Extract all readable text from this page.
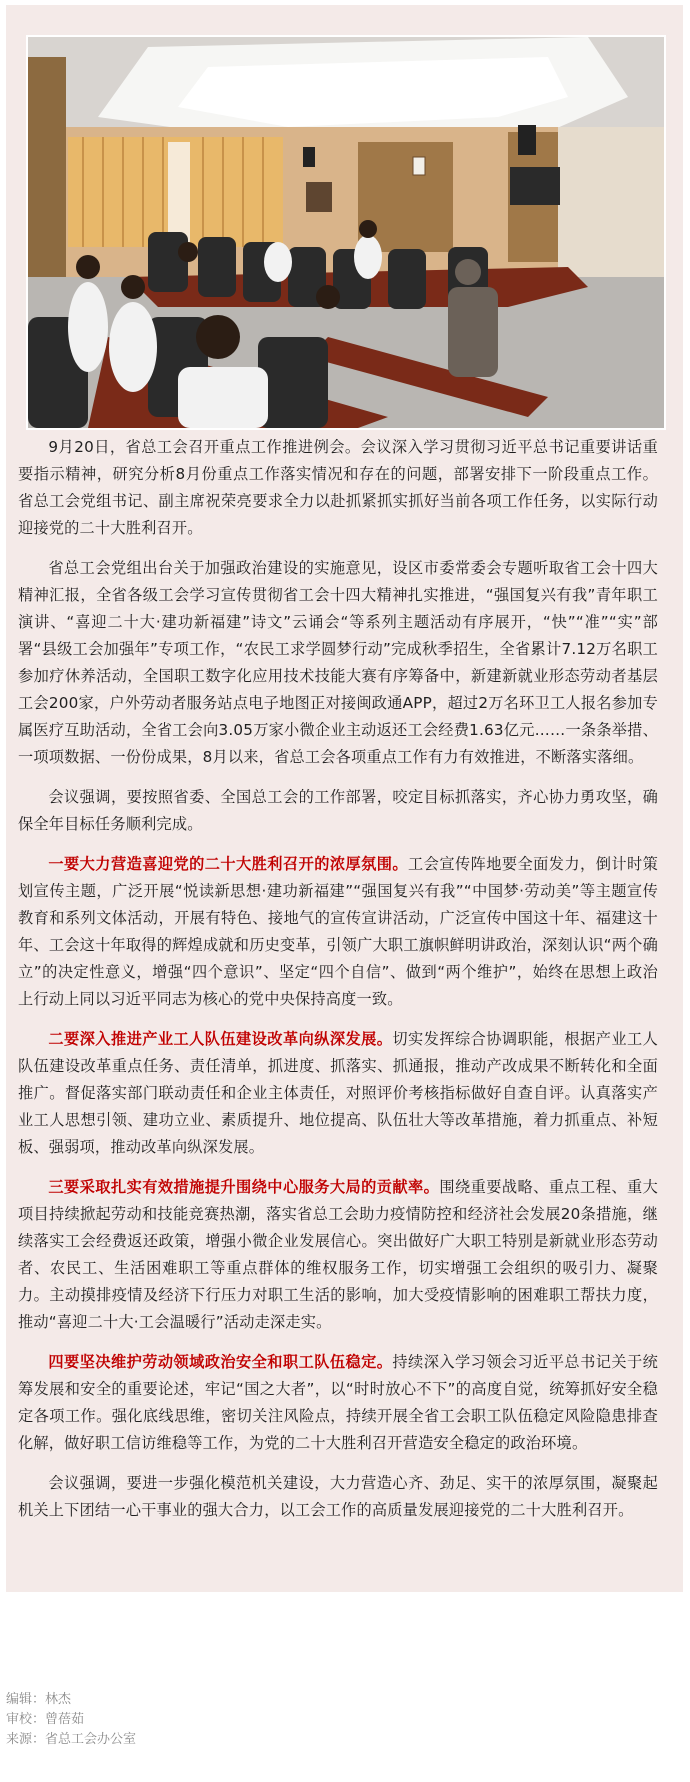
9月20日，省总工会召开重点工作推进例会。会议深入学习贯彻习近平总书记重要讲话重要指示精神，研究分析8月份重点工作落实情况和存在的问题，部署安排下一阶段重点工作。省总工会党组书记、副主席祝荣亮要求全力以赴抓紧抓实抓好当前各项工作任务，以实际行动迎接党的二十大胜利召开。

省总工会党组出台关于加强政治建设的实施意见，设区市委常委会专题听取省工会十四大精神汇报，全省各级工会学习宣传贯彻省工会十四大精神扎实推进，“强国复兴有我”青年职工演讲、“喜迎二十大·建功新福建”诗文”云诵会“等系列主题活动有序展开，“快”“准”“实”部署“县级工会加强年”专项工作，“农民工求学圆梦行动”完成秋季招生，全省累计7.12万名职工参加疗休养活动，全国职工数字化应用技术技能大赛有序筹备中，新建新就业形态劳动者基层工会200家，户外劳动者服务站点电子地图正对接闽政通APP，超过2万名环卫工人报名参加专属医疗互助活动，全省工会向3.05万家小微企业主动返还工会经费1.63亿元……一条条举措、一项项数据、一份份成果，8月以来，省总工会各项重点工作有力有效推进，不断落实落细。

会议强调，要按照省委、全国总工会的工作部署，咬定目标抓落实，齐心协力勇攻坚，确保全年目标任务顺利完成。

一要大力营造喜迎党的二十大胜利召开的浓厚氛围。工会宣传阵地要全面发力，倒计时策划宣传主题，广泛开展“悦读新思想·建功新福建”“强国复兴有我”“中国梦·劳动美”等主题宣传教育和系列文体活动，开展有特色、接地气的宣传宣讲活动，广泛宣传中国这十年、福建这十年、工会这十年取得的辉煌成就和历史变革，引领广大职工旗帜鲜明讲政治，深刻认识“两个确立”的决定性意义，增强“四个意识”、坚定“四个自信”、做到“两个维护”，始终在思想上政治上行动上同以习近平同志为核心的党中央保持高度一致。

二要深入推进产业工人队伍建设改革向纵深发展。切实发挥综合协调职能，根据产业工人队伍建设改革重点任务、责任清单，抓进度、抓落实、抓通报，推动产改成果不断转化和全面推广。督促落实部门联动责任和企业主体责任，对照评价考核指标做好自查自评。认真落实产业工人思想引领、建功立业、素质提升、地位提高、队伍壮大等改革措施，着力抓重点、补短板、强弱项，推动改革向纵深发展。

三要采取扎实有效措施提升围绕中心服务大局的贡献率。围绕重要战略、重点工程、重大项目持续掀起劳动和技能竞赛热潮，落实省总工会助力疫情防控和经济社会发展20条措施，继续落实工会经费返还政策，增强小微企业发展信心。突出做好广大职工特别是新就业形态劳动者、农民工、生活困难职工等重点群体的维权服务工作，切实增强工会组织的吸引力、凝聚力。主动摸排疫情及经济下行压力对职工生活的影响，加大受疫情影响的困难职工帮扶力度，推动“喜迎二十大·工会温暖行”活动走深走实。

四要坚决维护劳动领域政治安全和职工队伍稳定。持续深入学习领会习近平总书记关于统筹发展和安全的重要论述，牢记“国之大者”，以“时时放心不下”的高度自觉，统筹抓好安全稳定各项工作。强化底线思维，密切关注风险点，持续开展全省工会职工队伍稳定风险隐患排查化解，做好职工信访维稳等工作，为党的二十大胜利召开营造安全稳定的政治环境。

会议强调，要进一步强化模范机关建设，大力营造心齐、劲足、实干的浓厚氛围，凝聚起机关上下团结一心干事业的强大合力，以工会工作的高质量发展迎接党的二十大胜利召开。

编辑：林杰
审校：曾蓓茹
来源：省总工会办公室
